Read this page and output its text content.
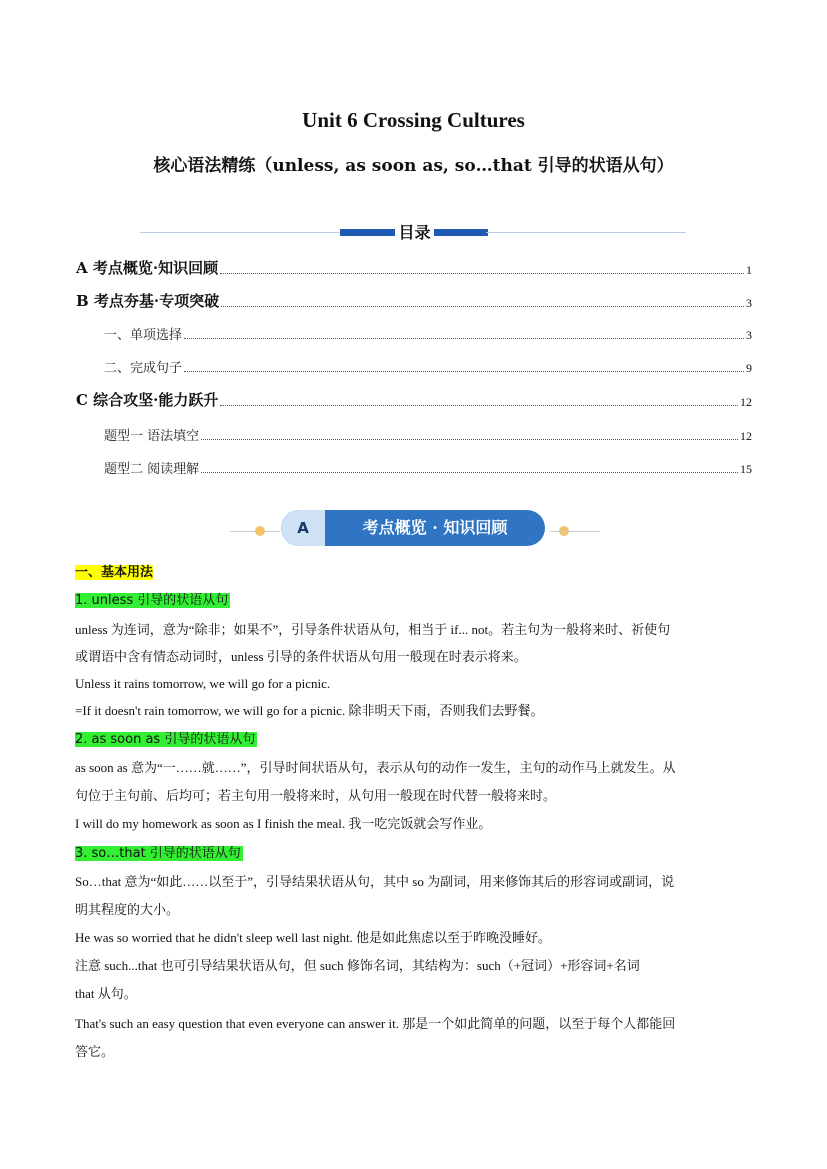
Unit 6 Crossing Cultures
核心语法精练（unless, as soon as, so…that 引导的状语从句）
目录
A 考点概览·知识回顾	1
B 考点夯基·专项突破	3
一、单项选择	3
二、完成句子	9
C 综合攻坚·能力跃升	12
题型一 语法填空	12
题型二 阅读理解	15
A	考点概览 · 知识回顾
一、基本用法
1. unless 引导的状语从句
unless 为连词，意为“除非；如果不”，引导条件状语从句，相当于 if... not。若主句为一般将来时、祈使句
或谓语中含有情态动词时，unless 引导的条件状语从句用一般现在时表示将来。
Unless it rains tomorrow, we will go for a picnic.
=If it doesn't rain tomorrow, we will go for a picnic. 除非明天下雨，否则我们去野餐。
2. as soon as 引导的状语从句
as soon as 意为“一……就……”，引导时间状语从句，表示从句的动作一发生，主句的动作马上就发生。从
句位于主句前、后均可；若主句用一般将来时，从句用一般现在时代替一般将来时。
I will do my homework as soon as I finish the meal. 我一吃完饭就会写作业。
3. so…that 引导的状语从句
So…that 意为“如此……以至于”，引导结果状语从句，其中 so 为副词，用来修饰其后的形容词或副词，说
明其程度的大小。
He was so worried that he didn't sleep well last night. 他是如此焦虑以至于昨晚没睡好。
注意 such...that 也可引导结果状语从句，但 such 修饰名词，其结构为：such（+冠词）+形容词+名词
that 从句。
That's such an easy question that even everyone can answer it. 那是一个如此简单的问题，以至于每个人都能回
答它。
